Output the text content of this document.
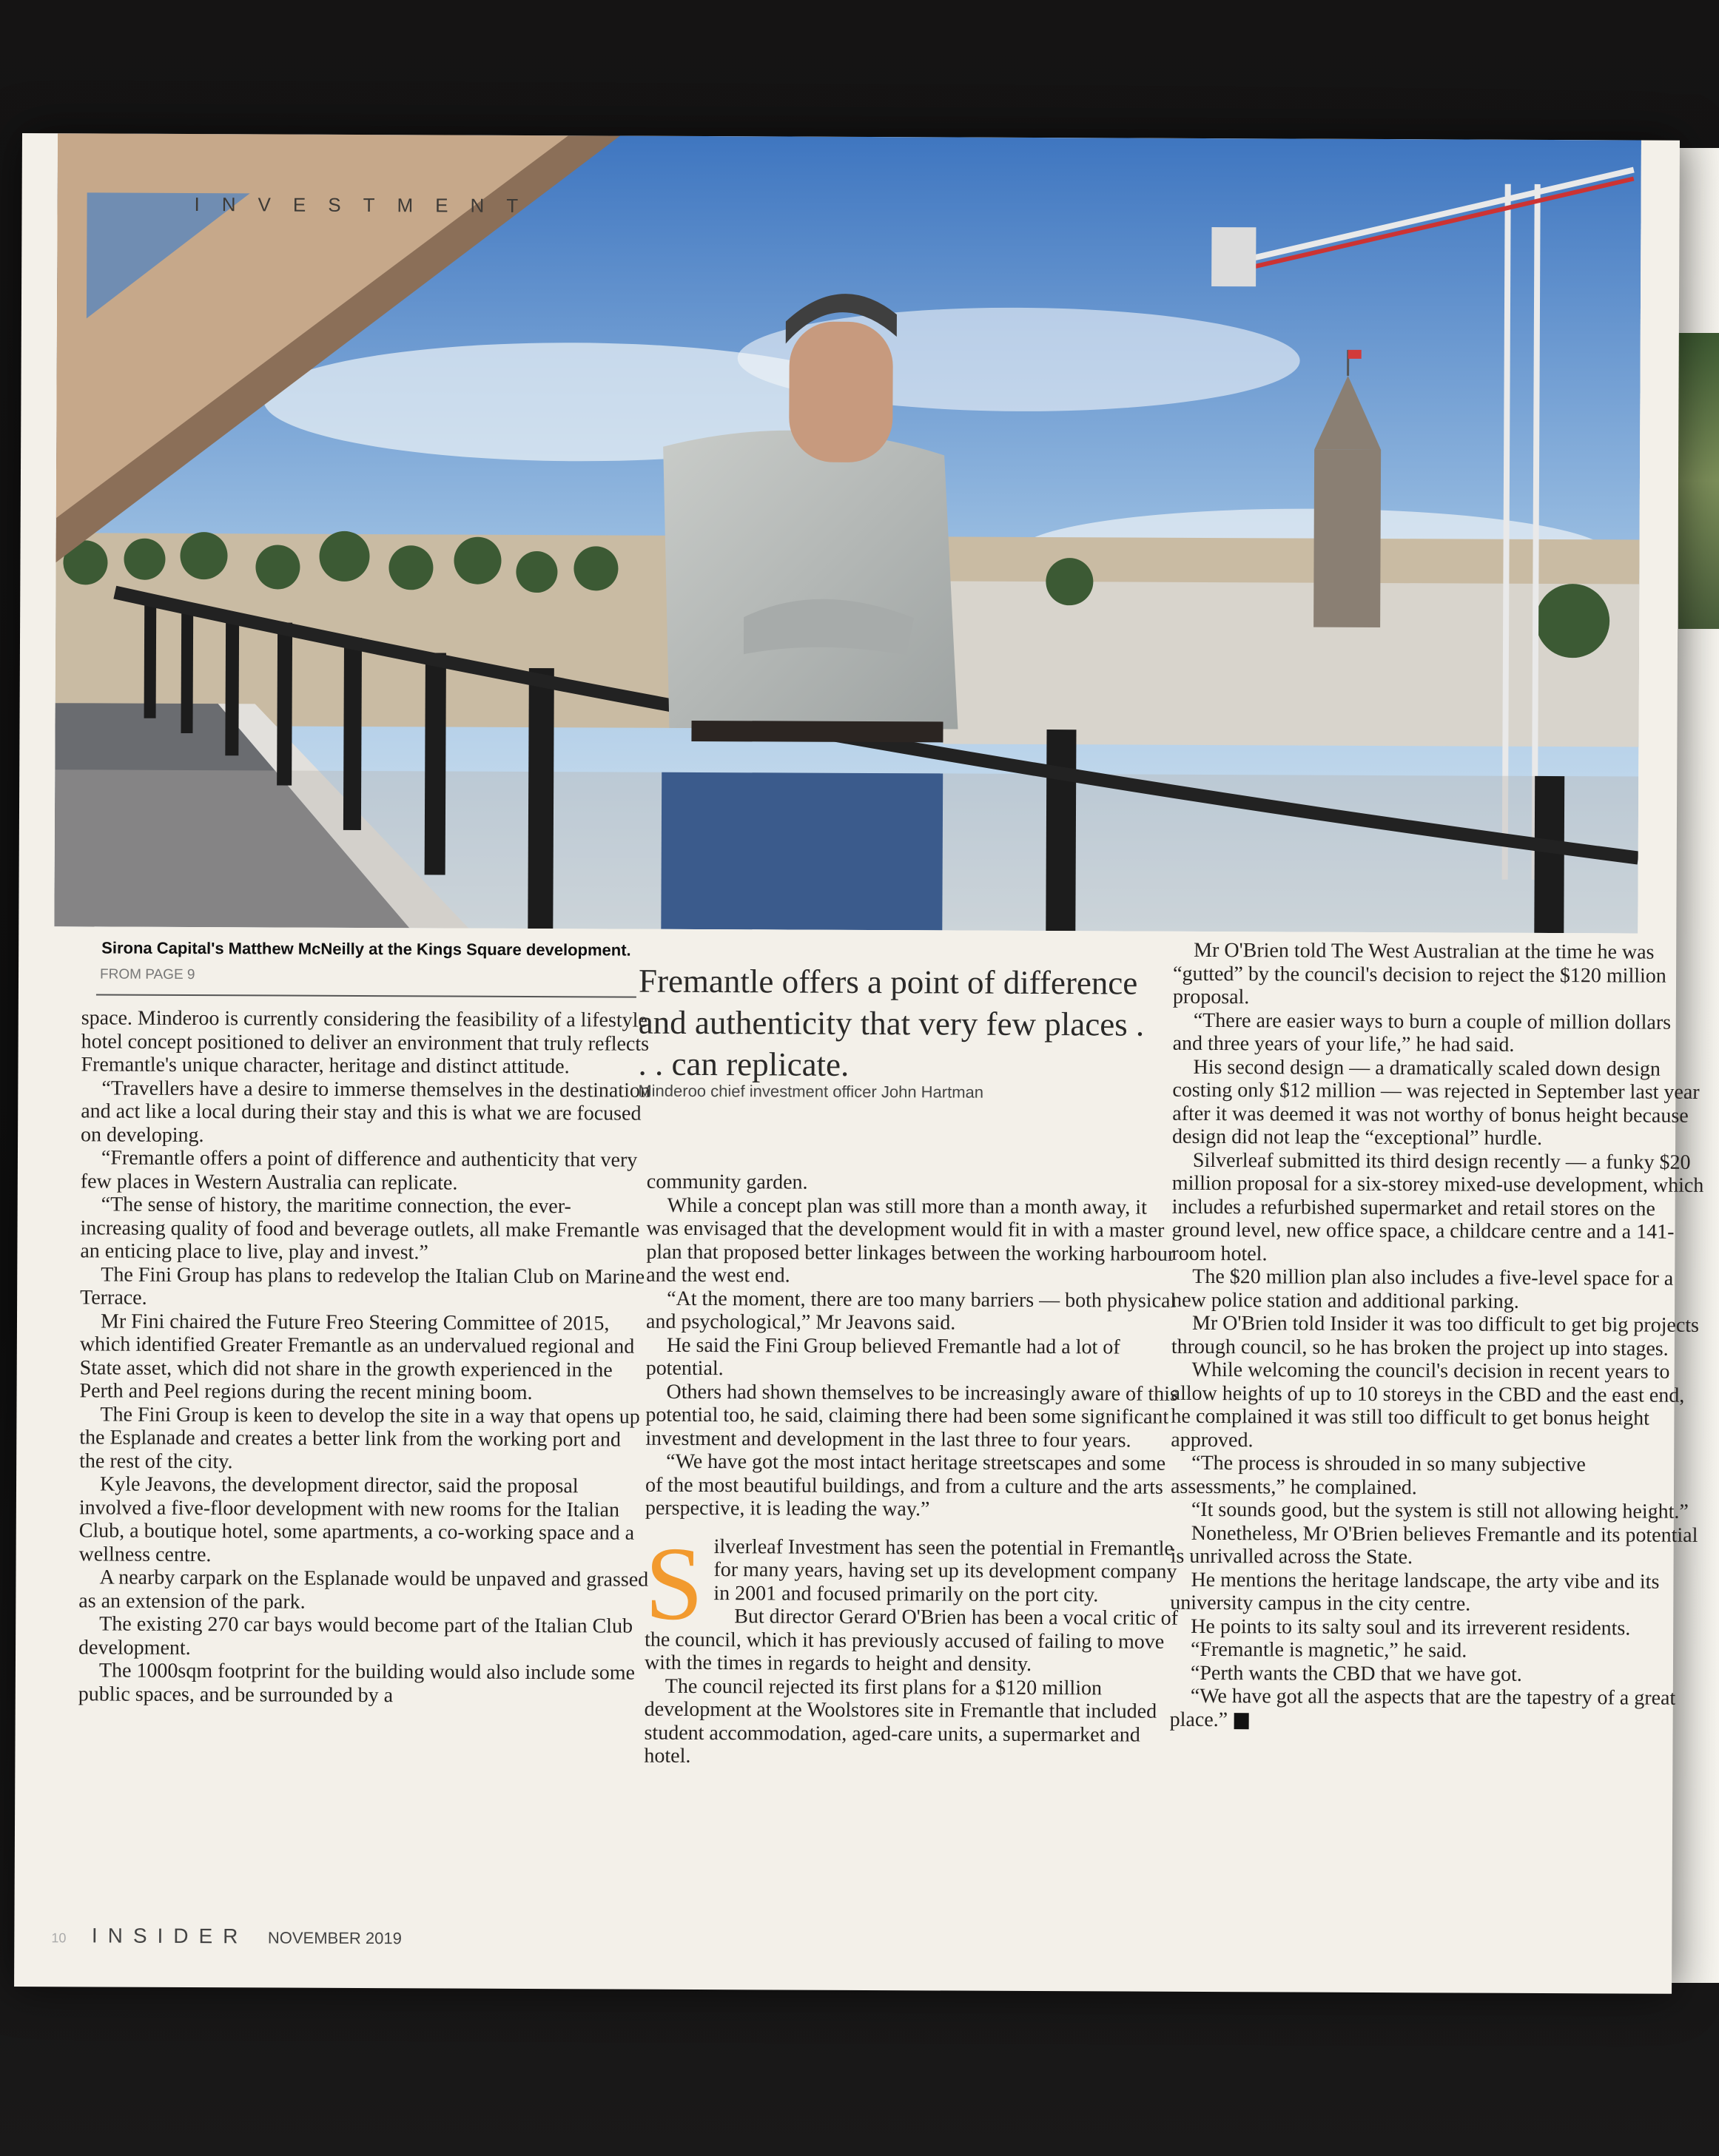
INVESTMENT
Sirona Capital's Matthew McNeilly at the Kings Square development.
FROM PAGE 9

space. Minderoo is currently considering the feasibility of a lifestyle hotel concept positioned to deliver an environment that truly reflects Fremantle's unique character, heritage and distinct attitude.

“Travellers have a desire to immerse themselves in the destination and act like a local during their stay and this is what we are focused on developing.

“Fremantle offers a point of difference and authenticity that very few places in Western Australia can replicate.

“The sense of history, the maritime connection, the ever-increasing quality of food and beverage outlets, all make Fremantle an enticing place to live, play and invest.”

The Fini Group has plans to redevelop the Italian Club on Marine Terrace.

Mr Fini chaired the Future Freo Steering Committee of 2015, which identified Greater Fremantle as an undervalued regional and State asset, which did not share in the growth experienced in the Perth and Peel regions during the recent mining boom.

The Fini Group is keen to develop the site in a way that opens up the Esplanade and creates a better link from the working port and the rest of the city.

Kyle Jeavons, the development director, said the proposal involved a five-floor development with new rooms for the Italian Club, a boutique hotel, some apartments, a co-working space and a wellness centre.

A nearby carpark on the Esplanade would be unpaved and grassed as an extension of the park.

The existing 270 car bays would become part of the Italian Club development.

The 1000sqm footprint for the building would also include some public spaces, and be surrounded by a

Fremantle offers a point of difference and authenticity that very few places . . . can replicate.
Minderoo chief investment officer John Hartman

community garden.

While a concept plan was still more than a month away, it was envisaged that the development would fit in with a master plan that proposed better linkages between the working harbour and the west end.

“At the moment, there are too many barriers — both physical and psychological,” Mr Jeavons said.

He said the Fini Group believed Fremantle had a lot of potential.

Others had shown themselves to be increasingly aware of this potential too, he said, claiming there had been some significant investment and development in the last three to four years.

“We have got the most intact heritage streetscapes and some of the most beautiful buildings, and from a culture and the arts perspective, it is leading the way.”

S ilverleaf Investment has seen the potential in Fremantle for many years, having set up its development company in 2001 and focused primarily on the port city.

But director Gerard O'Brien has been a vocal critic of the council, which it has previously accused of failing to move with the times in regards to height and density.

The council rejected its first plans for a $120 million development at the Woolstores site in Fremantle that included student accommodation, aged-care units, a supermarket and hotel.

Mr O'Brien told The West Australian at the time he was “gutted” by the council's decision to reject the $120 million proposal.

“There are easier ways to burn a couple of million dollars and three years of your life,” he had said.

His second design — a dramatically scaled down design costing only $12 million — was rejected in September last year after it was deemed it was not worthy of bonus height because design did not leap the “exceptional” hurdle.

Silverleaf submitted its third design recently — a funky $20 million proposal for a six-storey mixed-use development, which includes a refurbished supermarket and retail stores on the ground level, new office space, a childcare centre and a 141-room hotel.

The $20 million plan also includes a five-level space for a new police station and additional parking.

Mr O'Brien told Insider it was too difficult to get big projects through council, so he has broken the project up into stages.

While welcoming the council's decision in recent years to allow heights of up to 10 storeys in the CBD and the east end, he complained it was still too difficult to get bonus height approved.

“The process is shrouded in so many subjective assessments,” he complained.

“It sounds good, but the system is still not allowing height.”

Nonetheless, Mr O'Brien believes Fremantle and its potential is unrivalled across the State.

He mentions the heritage landscape, the arty vibe and its university campus in the city centre.

He points to its salty soul and its irreverent residents.

“Fremantle is magnetic,” he said.

“Perth wants the CBD that we have got.

“We have got all the aspects that are the tapestry of a great place.”

10 INSIDER NOVEMBER 2019
